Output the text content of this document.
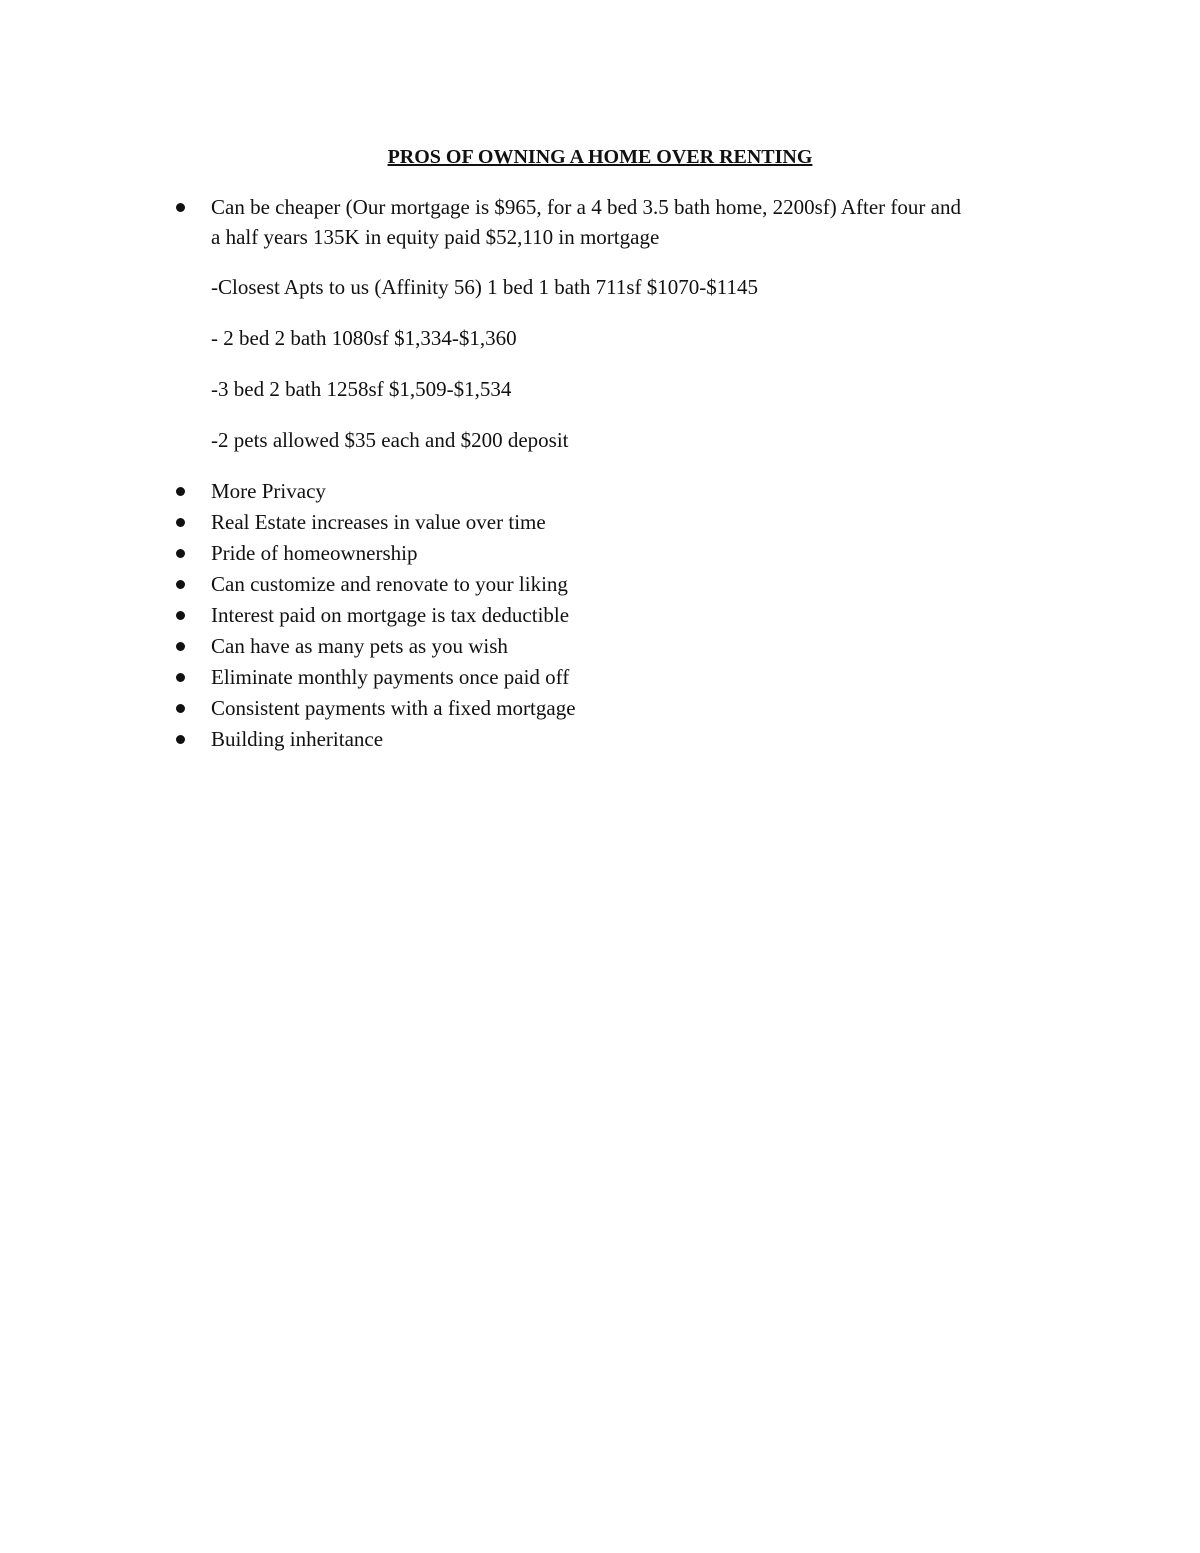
PROS OF OWNING A HOME OVER RENTING
Can be cheaper (Our mortgage is $965, for a 4 bed 3.5 bath home, 2200sf) After four and
a half years 135K in equity paid $52,110 in mortgage
-Closest Apts to us (Affinity 56) 1 bed 1 bath 711sf $1070-$1145
- 2 bed 2 bath 1080sf $1,334-$1,360
-3 bed 2 bath 1258sf $1,509-$1,534
-2 pets allowed $35 each and $200 deposit
More Privacy
Real Estate increases in value over time
Pride of homeownership
Can customize and renovate to your liking
Interest paid on mortgage is tax deductible
Can have as many pets as you wish
Eliminate monthly payments once paid off
Consistent payments with a fixed mortgage
Building inheritance
